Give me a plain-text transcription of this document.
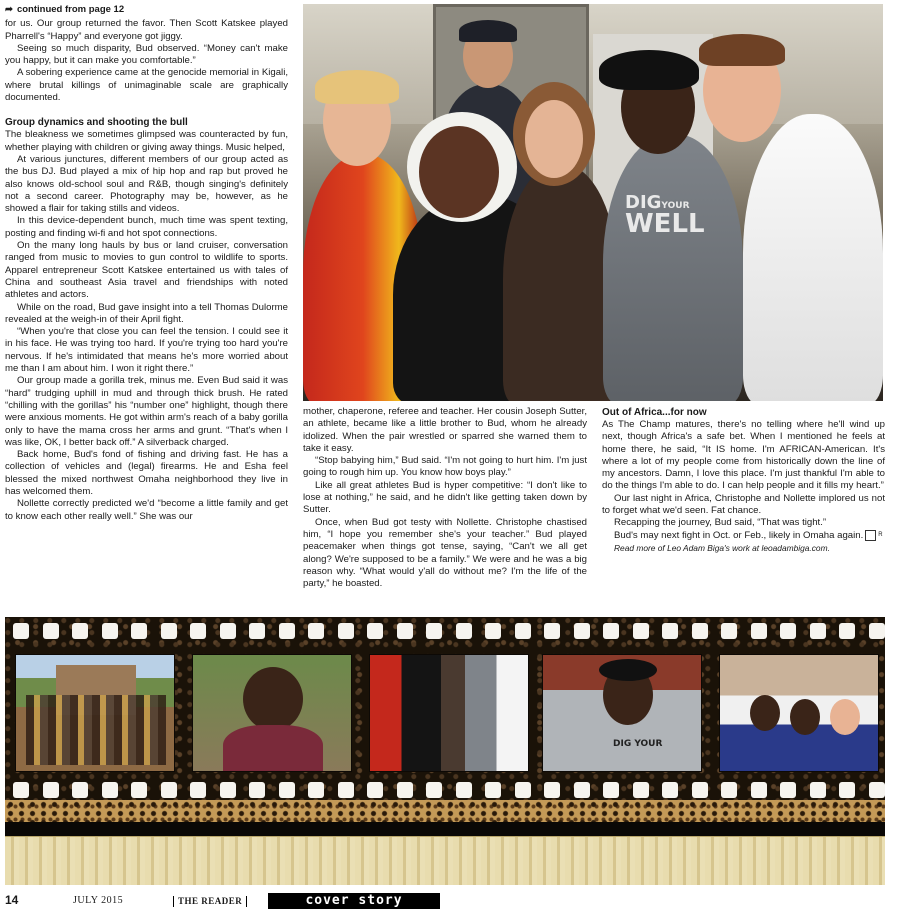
➦ continued from page 12

for us. Our group returned the favor. Then Scott Katskee played Pharrell's “Happy” and everyone got jiggy.

Seeing so much disparity, Bud observed. “Money can't make you happy, but it can make you comfortable.”

A sobering experience came at the genocide memorial in Kigali, where brutal killings of unimaginable scale are graphically documented.

Group dynamics and shooting the bull

The bleakness we sometimes glimpsed was counteracted by fun, whether playing with children or giving away things. Music helped,

At various junctures, different members of our group acted as the bus DJ. Bud played a mix of hip hop and rap but proved he also knows old-school soul and R&B, though singing's definitely not a second career. Photography may be, however, as he showed a flair for taking stills and videos.

In this device-dependent bunch, much time was spent texting, posting and finding wi-fi and hot spot connections.

On the many long hauls by bus or land cruiser, conversation ranged from music to movies to gun control to wildlife to sports. Apparel entrepreneur Scott Katskee entertained us with tales of China and southeast Asia travel and friendships with noted athletes and actors.

While on the road, Bud gave insight into a tell Thomas Dulorme revealed at the weigh-in of their April fight.

“When you're that close you can feel the tension. I could see it in his face. He was trying too hard. If you're trying too hard you're nervous. If he's intimidated that means he's more worried about me than I am about him. I won it right there.”

Our group made a gorilla trek, minus me. Even Bud said it was “hard” trudging uphill in mud and through thick brush. He rated “chilling with the gorillas” his “number one” highlight, though there were anxious moments. He got within arm's reach of a baby gorilla only to have the mama cross her arms and grunt. “That's when I was like, OK, I better back off.” A silverback charged.

Back home, Bud's fond of fishing and driving fast. He has a collection of vehicles and (legal) firearms. He and Esha feel blessed the mixed northwest Omaha neighborhood they live in has welcomed them.

Nollette correctly predicted we'd “become a little family and get to know each other really well.” She was our

DIGYOUR
WELL

mother, chaperone, referee and teacher. Her cousin Joseph Sutter, an athlete, became like a little brother to Bud, whom he already idolized. When the pair wrestled or sparred she warned them to take it easy.

“Stop babying him,” Bud said. “I'm not going to hurt him. I'm just going to rough him up. You know how boys play.”

Like all great athletes Bud is hyper competitive: “I don't like to lose at nothing,” he said, and he didn't like getting taken down by Sutter.

Once, when Bud got testy with Nollette. Christophe chastised him, “I hope you remember she's your teacher.” Bud played peacemaker when things got tense, saying, “Can't we all get along? We're supposed to be a family.” We were and he was a big reason why. “What would y'all do without me? I'm the life of the party,” he boasted.

Out of Africa...for now

As The Champ matures, there's no telling where he'll wind up next, though Africa's a safe bet. When I mentioned he feels at home there, he said, “It IS home. I'm AFRICAN-American. It's where a lot of my people come from historically down the line of my ancestors. Damn, I love this place. I'm just thankful I'm able to do the things I'm able to do. I can help people and it fills my heart.”

Our last night in Africa, Christophe and Nollette implored us not to forget what we'd seen. Fat chance.

Recapping the journey, Bud said, “That was tight.”

Bud's may next fight in Oct. or Feb., likely in Omaha again.	R

Read more of Leo Adam Biga's work at leoadambiga.com.

DIG YOUR
14	JULY 2015	THE READER	cover story
